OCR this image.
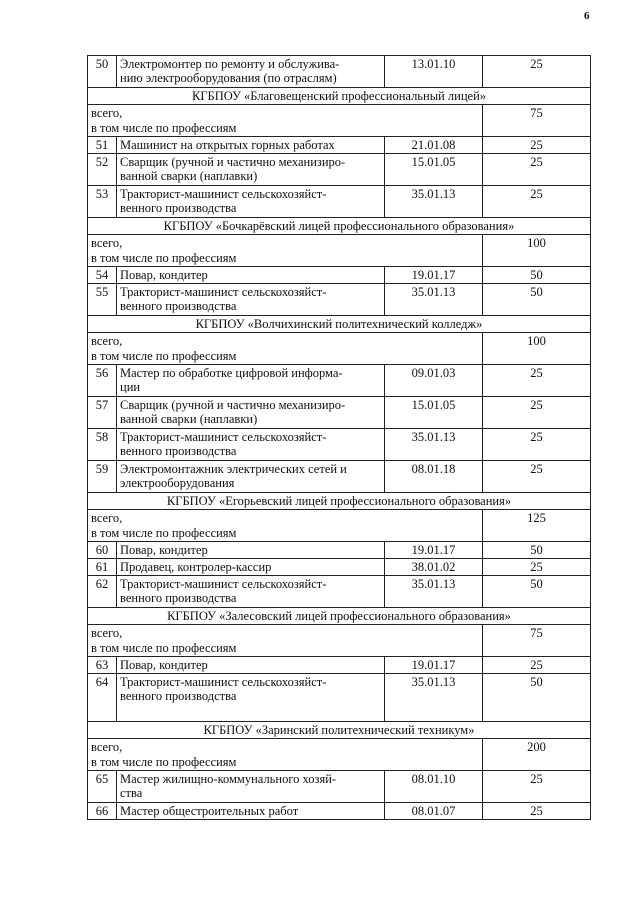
6
50	Электромонтер по ремонту и обслужива-
нию электрооборудования (по отраслям)	13.01.10	25
КГБПОУ «Благовещенский профессиональный лицей»			
всего,
в том числе по профессиям			75
51	Машинист на открытых горных работах	21.01.08	25
52	Сварщик (ручной и частично механизиро-
ванной сварки (наплавки)	15.01.05	25
53	Тракторист-машинист сельскохозяйст-
венного производства	35.01.13	25
КГБПОУ «Бочкарёвский лицей профессионального образования»			
всего,
в том числе по профессиям			100
54	Повар, кондитер	19.01.17	50
55	Тракторист-машинист сельскохозяйст-
венного производства	35.01.13	50
КГБПОУ «Волчихинский политехнический колледж»			
всего,
в том числе по профессиям			100
56	Мастер по обработке цифровой информа-
ции	09.01.03	25
57	Сварщик (ручной и частично механизиро-
ванной сварки (наплавки)	15.01.05	25
58	Тракторист-машинист сельскохозяйст-
венного производства	35.01.13	25
59	Электромонтажник электрических сетей и
электрооборудования	08.01.18	25
КГБПОУ «Егорьевский лицей профессионального образования»			
всего,
в том числе по профессиям			125
60	Повар, кондитер	19.01.17	50
61	Продавец, контролер-кассир	38.01.02	25
62	Тракторист-машинист сельскохозяйст-
венного производства	35.01.13	50
КГБПОУ «Залесовский лицей профессионального образования»			
всего,
в том числе по профессиям			75
63	Повар, кондитер	19.01.17	25
64	Тракторист-машинист сельскохозяйст-
венного производства	35.01.13	50
КГБПОУ «Заринский политехнический техникум»			
всего,
в том числе по профессиям			200
65	Мастер жилищно-коммунального хозяй-
ства	08.01.10	25
66	Мастер общестроительных работ	08.01.07	25
